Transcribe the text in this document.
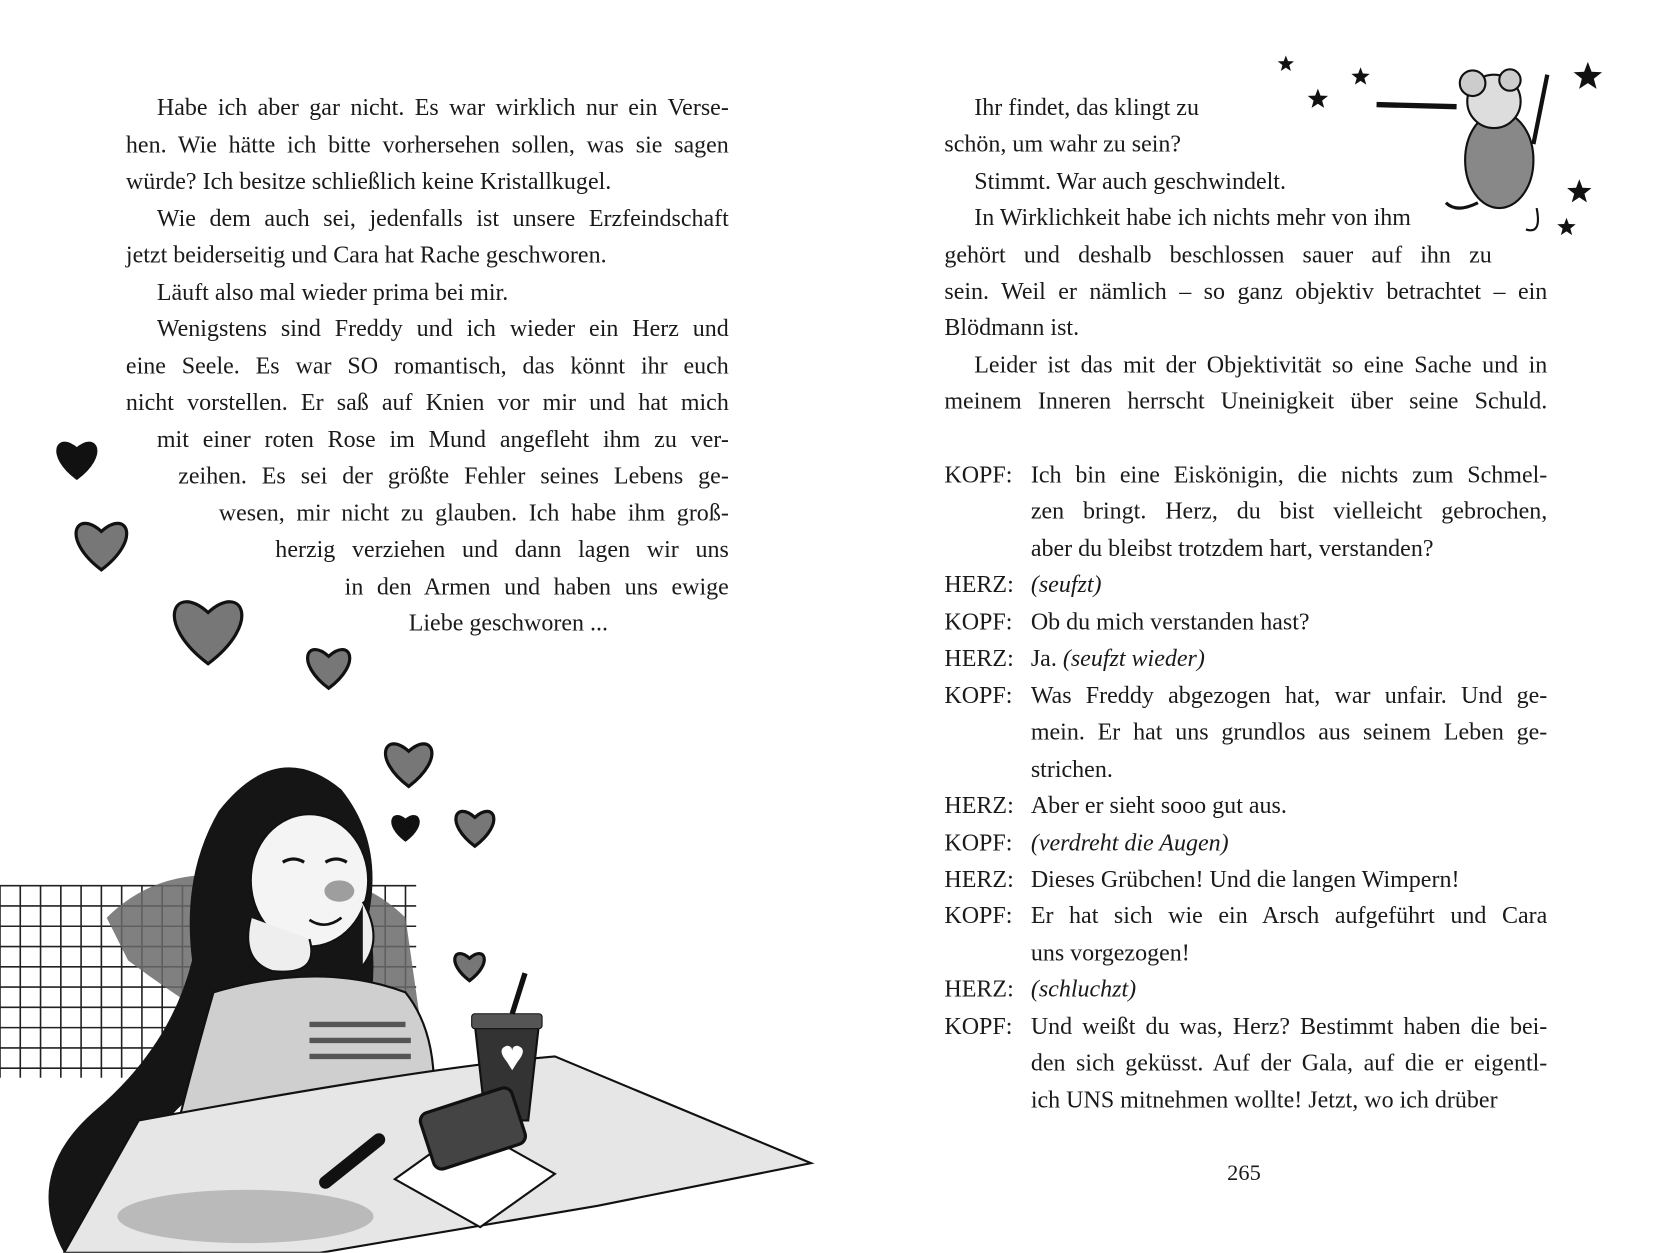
Habe ich aber gar nicht. Es war wirklich nur ein Verse-
hen. Wie hätte ich bitte vorhersehen sollen, was sie sagen
würde? Ich besitze schließlich keine Kristallkugel.
Wie dem auch sei, jedenfalls ist unsere Erzfeindschaft
jetzt beiderseitig und Cara hat Rache geschworen.
Läuft also mal wieder prima bei mir.
Wenigstens sind Freddy und ich wieder ein Herz und
eine Seele. Es war SO romantisch, das könnt ihr euch
nicht vorstellen. Er saß auf Knien vor mir und hat mich
mit einer roten Rose im Mund angefleht ihm zu ver-
zeihen. Es sei der größte Fehler seines Lebens ge-
wesen, mir nicht zu glauben. Ich habe ihm groß-
herzig verziehen und dann lagen wir uns
in den Armen und haben uns ewige
Liebe geschworen ...
Ihr findet, das klingt zu
schön, um wahr zu sein?
Stimmt. War auch geschwindelt.
In Wirklichkeit habe ich nichts mehr von ihm
gehört und deshalb beschlossen sauer auf ihn zu
sein. Weil er nämlich – so ganz objektiv betrachtet – ein
Blödmann ist.
Leider ist das mit der Objektivität so eine Sache und in
meinem Inneren herrscht Uneinigkeit über seine Schuld.
KOPF: Ich bin eine Eiskönigin, die nichts zum Schmel-
zen bringt. Herz, du bist vielleicht gebrochen,
aber du bleibst trotzdem hart, verstanden?
HERZ: (seufzt)
KOPF: Ob du mich verstanden hast?
HERZ: Ja. (seufzt wieder)
KOPF: Was Freddy abgezogen hat, war unfair. Und ge-
mein. Er hat uns grundlos aus seinem Leben ge-
strichen.
HERZ: Aber er sieht sooo gut aus.
KOPF: (verdreht die Augen)
HERZ: Dieses Grübchen! Und die langen Wimpern!
KOPF: Er hat sich wie ein Arsch aufgeführt und Cara
uns vorgezogen!
HERZ: (schluchzt)
KOPF: Und weißt du was, Herz? Bestimmt haben die bei-
den sich geküsst. Auf der Gala, auf die er eigentl-
ich UNS mitnehmen wollte! Jetzt, wo ich drüber
265
